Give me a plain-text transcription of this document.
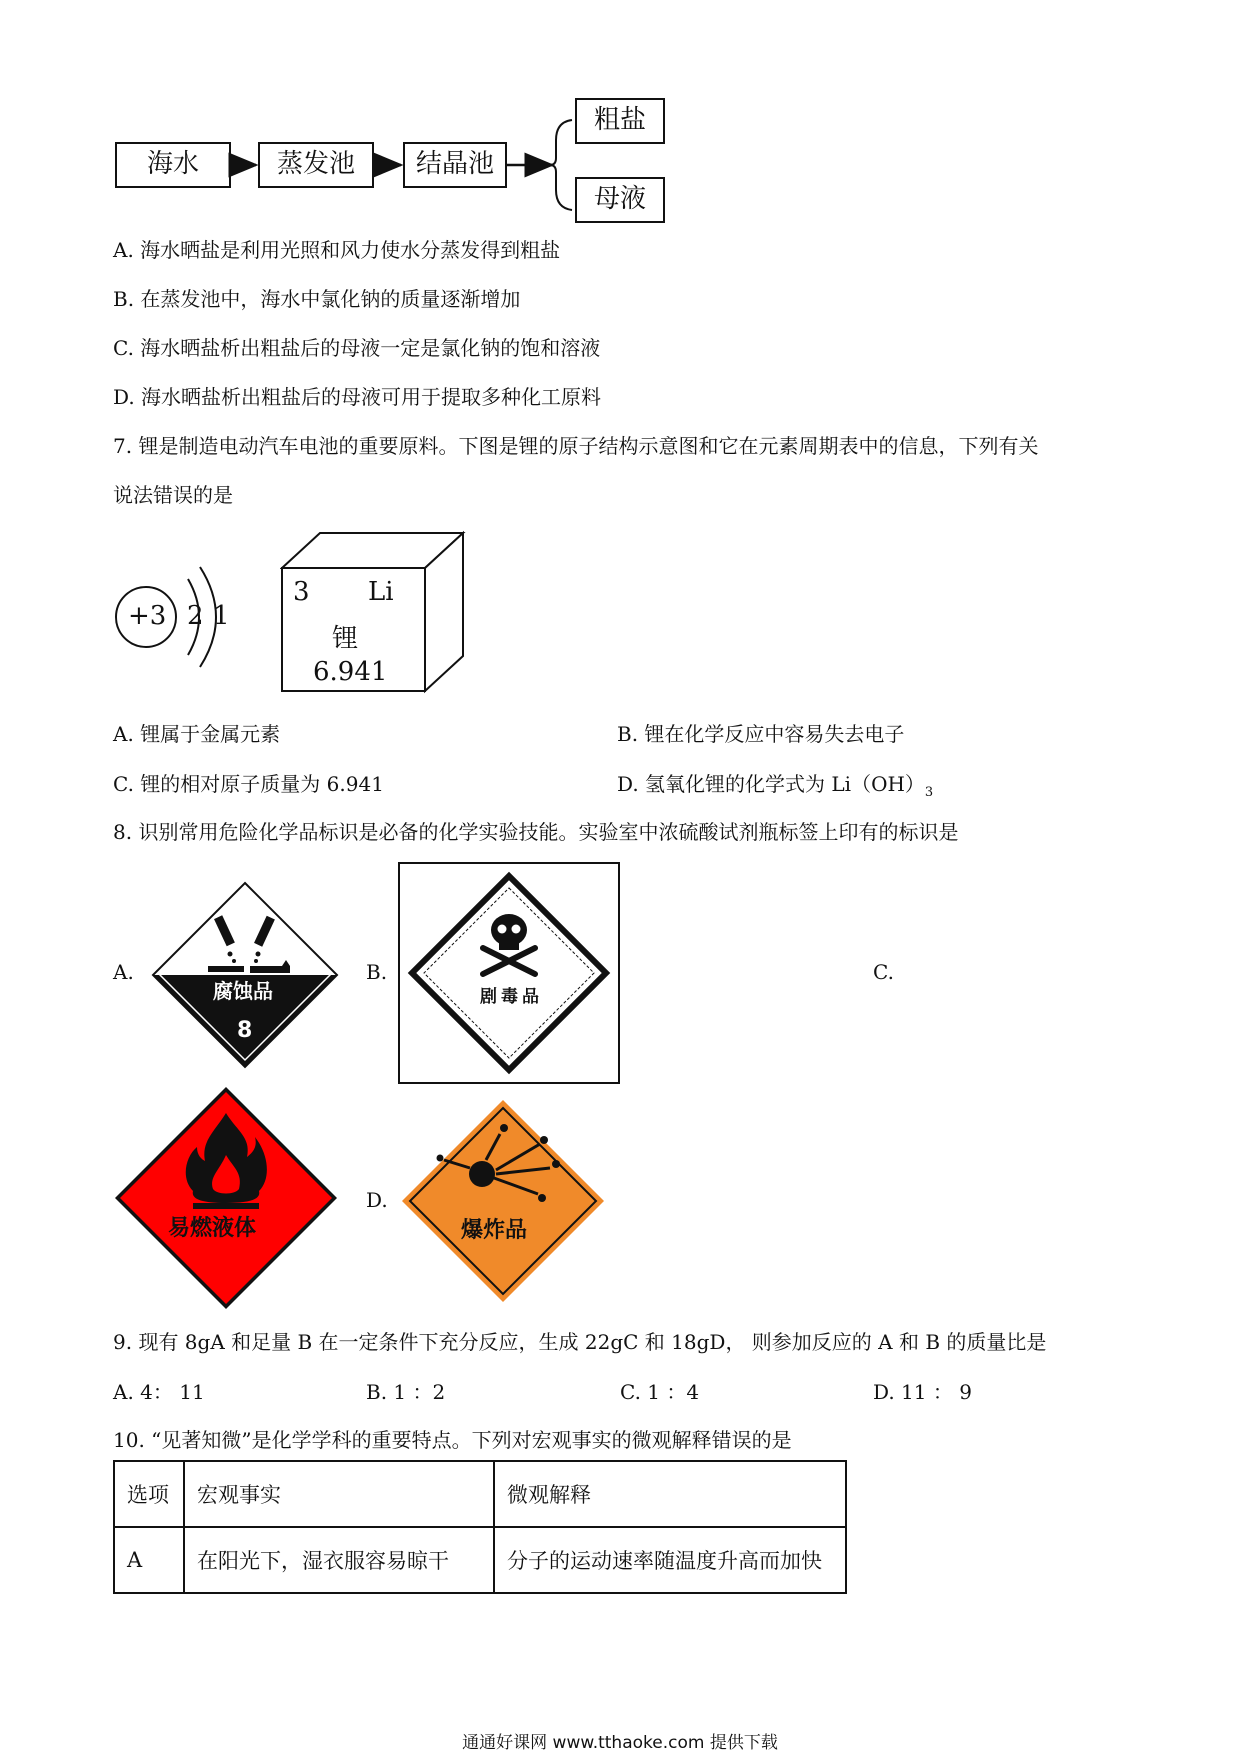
海水	蒸发池	结晶池
粗盐
母液
A. 海水晒盐是利用光照和风力使水分蒸发得到粗盐
B. 在蒸发池中，海水中氯化钠的质量逐渐增加
C. 海水晒盐析出粗盐后的母液一定是氯化钠的饱和溶液
D. 海水晒盐析出粗盐后的母液可用于提取多种化工原料
7. 锂是制造电动汽车电池的重要原料。下图是锂的原子结构示意图和它在元素周期表中的信息，下列有关
说法错误的是
+3 2 1
3 Li
锂
6.941
A. 锂属于金属元素	B. 锂在化学反应中容易失去电子
C. 锂的相对原子质量为 6.941	D. 氢氧化锂的化学式为 $Li(OH)_3$
8. 识别常用危险化学品标识是必备的化学实验技能。实验室中浓硫酸试剂瓶标签上印有的标识是
A.	B.	C.
D.
腐蚀品
8
剧毒品
易燃液体	爆炸品
9. 现有 8gA 和足量 B 在一定条件下充分反应，生成 22gC 和 18gD， 则参加反应的 A 和 B 的质量比是
A. 4： 11	B. 1 ：2	C. 1 ：4	D. 11 ： 9
10. “见著知微”是化学学科的重要特点。下列对宏观事实的微观解释错误的是
选项	宏观事实	微观解释
A	在阳光下，湿衣服容易晾干	分子的运动速率随温度升高而加快
通通好课网 www.tthaoke.com 提供下载
